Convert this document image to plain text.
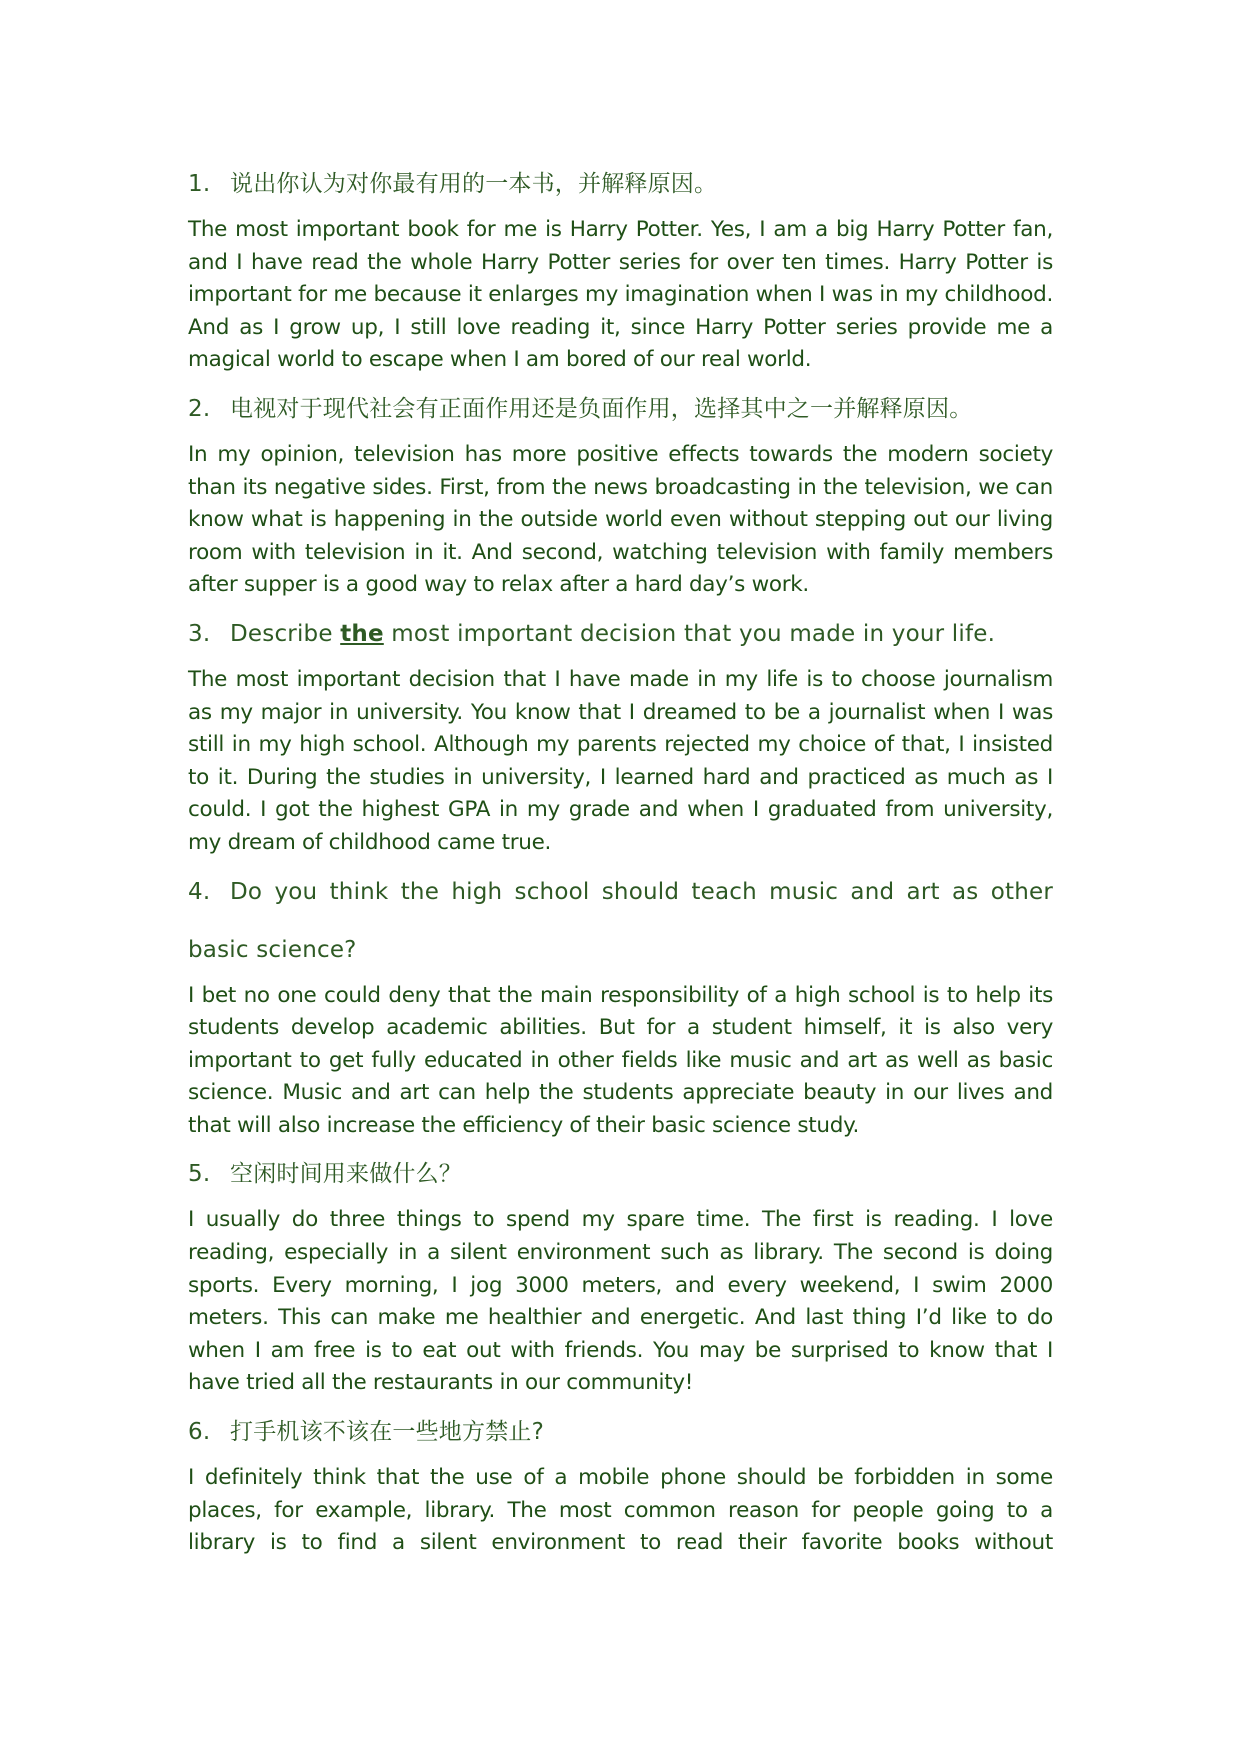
1. 说出你认为对你最有用的一本书，并解释原因。

The most important book for me is Harry Potter. Yes, I am a big Harry Potter fan, and I have read the whole Harry Potter series for over ten times. Harry Potter is important for me because it enlarges my imagination when I was in my childhood. And as I grow up, I still love reading it, since Harry Potter series provide me a magical world to escape when I am bored of our real world.

2. 电视对于现代社会有正面作用还是负面作用，选择其中之一并解释原因。

In my opinion, television has more positive effects towards the modern society than its negative sides. First, from the news broadcasting in the television, we can know what is happening in the outside world even without stepping out our living room with television in it. And second, watching television with family members after supper is a good way to relax after a hard day’s work.

3. Describe the most important decision that you made in your life.

The most important decision that I have made in my life is to choose journalism as my major in university. You know that I dreamed to be a journalist when I was still in my high school. Although my parents rejected my choice of that, I insisted to it. During the studies in university, I learned hard and practiced as much as I could. I got the highest GPA in my grade and when I graduated from university, my dream of childhood came true.

4. Do you think the high school should teach music and art as other
basic science?

I bet no one could deny that the main responsibility of a high school is to help its students develop academic abilities. But for a student himself, it is also very important to get fully educated in other fields like music and art as well as basic science. Music and art can help the students appreciate beauty in our lives and that will also increase the efficiency of their basic science study.

5. 空闲时间用来做什么？

I usually do three things to spend my spare time. The first is reading. I love reading, especially in a silent environment such as library. The second is doing sports. Every morning, I jog 3000 meters, and every weekend, I swim 2000 meters. This can make me healthier and energetic. And last thing I’d like to do when I am free is to eat out with friends. You may be surprised to know that I have tried all the restaurants in our community!

6. 打手机该不该在一些地方禁止?

I definitely think that the use of a mobile phone should be forbidden in some places, for example, library. The most common reason for people going to a library is to find a silent environment to read their favorite books without
